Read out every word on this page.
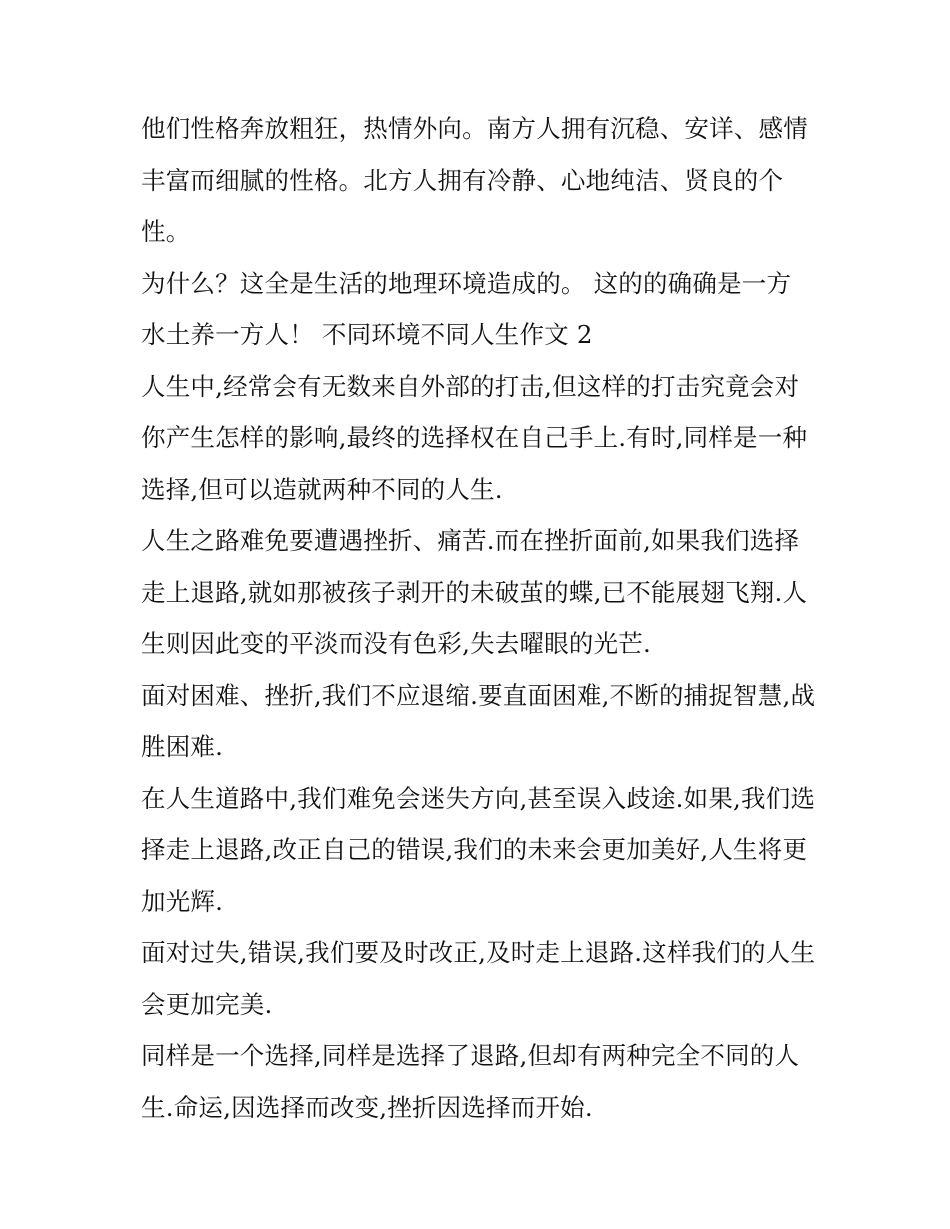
他们性格奔放粗狂，热情外向。南方人拥有沉稳、安详、感情
丰富而细腻的性格。北方人拥有冷静、心地纯洁、贤良的个
性。

为什么？这全是生活的地理环境造成的。 这的的确确是一方
水土养一方人！ 不同环境不同人生作文 2

人生中,经常会有无数来自外部的打击,但这样的打击究竟会对
你产生怎样的影响,最终的选择权在自己手上.有时,同样是一种
选择,但可以造就两种不同的人生.

人生之路难免要遭遇挫折、痛苦.而在挫折面前,如果我们选择
走上退路,就如那被孩子剥开的未破茧的蝶,已不能展翅飞翔.人
生则因此变的平淡而没有色彩,失去曜眼的光芒.

面对困难、挫折,我们不应退缩.要直面困难,不断的捕捉智慧,战
胜困难.

在人生道路中,我们难免会迷失方向,甚至误入歧途.如果,我们选
择走上退路,改正自己的错误,我们的未来会更加美好,人生将更
加光辉.

面对过失,错误,我们要及时改正,及时走上退路.这样我们的人生
会更加完美.

同样是一个选择,同样是选择了退路,但却有两种完全不同的人
生.命运,因选择而改变,挫折因选择而开始.
